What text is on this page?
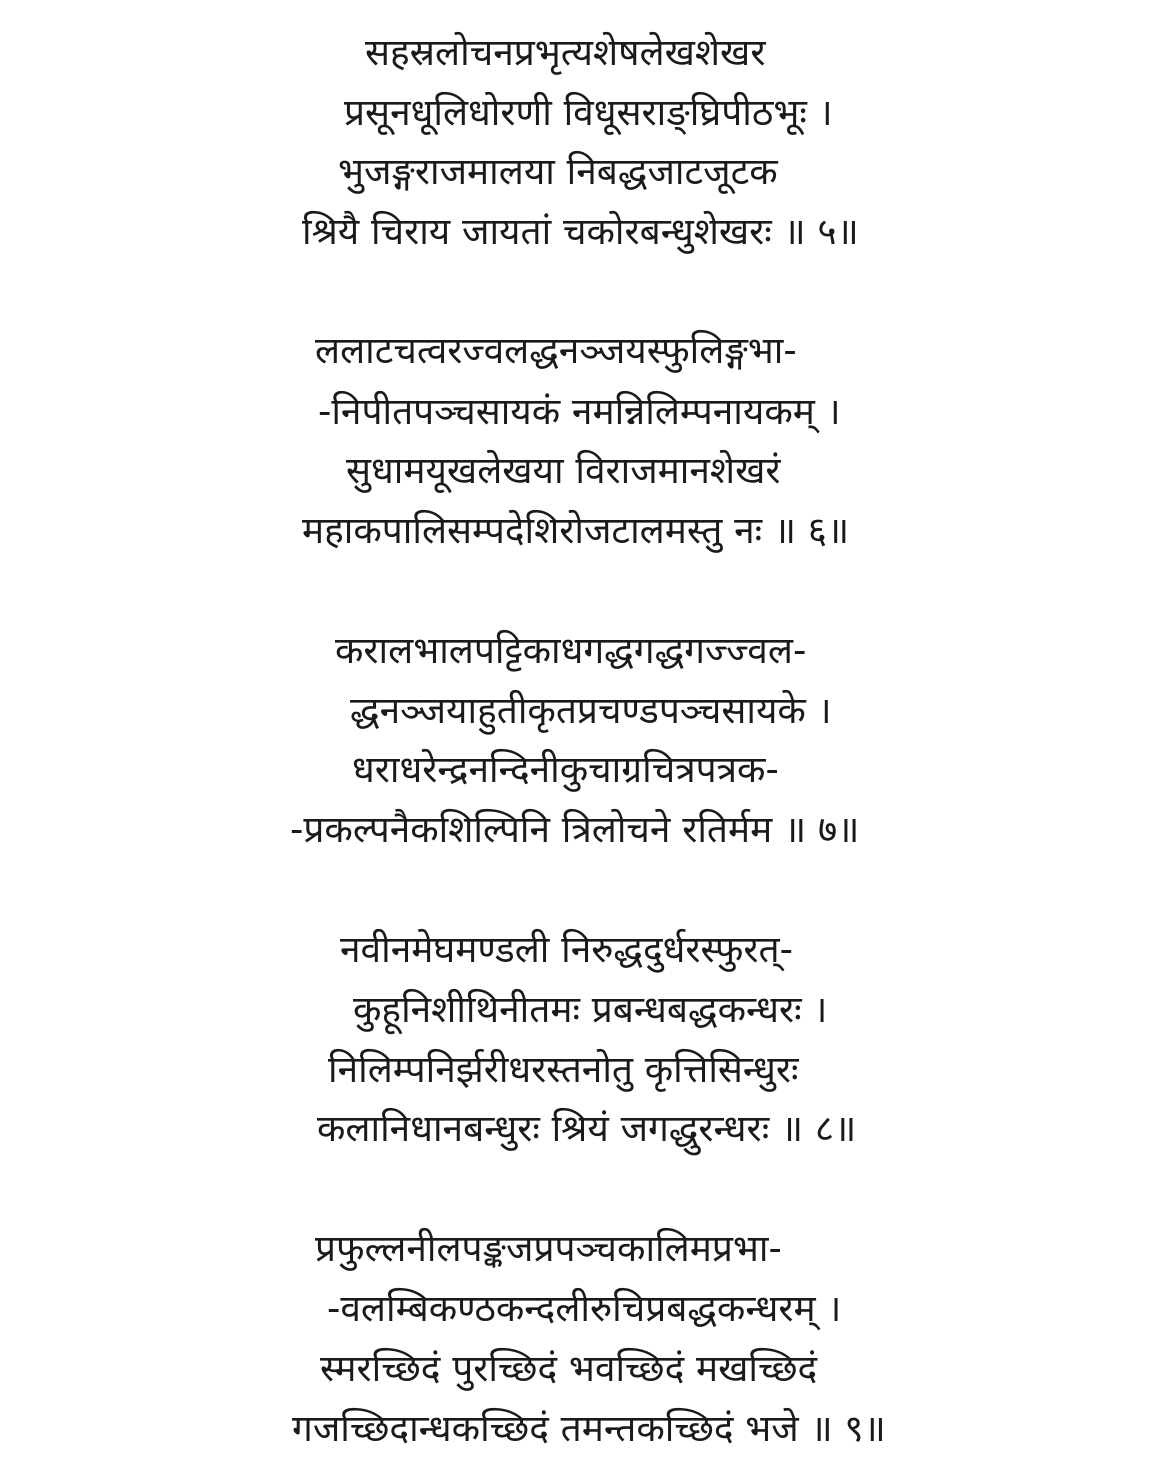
सहस्रलोचनप्रभृत्यशेषलेखशेखर

प्रसूनधूलिधोरणी विधूसराङ्घ्रिपीठभूः ।

भुजङ्गराजमालया निबद्धजाटजूटक

श्रियै चिराय जायतां चकोरबन्धुशेखरः ॥ ५॥

ललाटचत्वरज्वलद्धनञ्जयस्फुलिङ्गभा-

-निपीतपञ्चसायकं नमन्निलिम्पनायकम् ।

सुधामयूखलेखया विराजमानशेखरं

महाकपालिसम्पदेशिरोजटालमस्तु नः ॥ ६॥

करालभालपट्टिकाधगद्धगद्धगज्ज्वल-

द्धनञ्जयाहुतीकृतप्रचण्डपञ्चसायके ।

धराधरेन्द्रनन्दिनीकुचाग्रचित्रपत्रक-

-प्रकल्पनैकशिल्पिनि त्रिलोचने रतिर्मम ॥ ७॥

नवीनमेघमण्डली निरुद्धदुर्धरस्फुरत्-

कुहूनिशीथिनीतमः प्रबन्धबद्धकन्धरः ।

निलिम्पनिर्झरीधरस्तनोतु कृत्तिसिन्धुरः

कलानिधानबन्धुरः श्रियं जगद्धुरन्धरः ॥ ८॥

प्रफुल्लनीलपङ्कजप्रपञ्चकालिमप्रभा-

-वलम्बिकण्ठकन्दलीरुचिप्रबद्धकन्धरम् ।

स्मरच्छिदं पुरच्छिदं भवच्छिदं मखच्छिदं

गजच्छिदान्धकच्छिदं तमन्तकच्छिदं भजे ॥ ९॥
